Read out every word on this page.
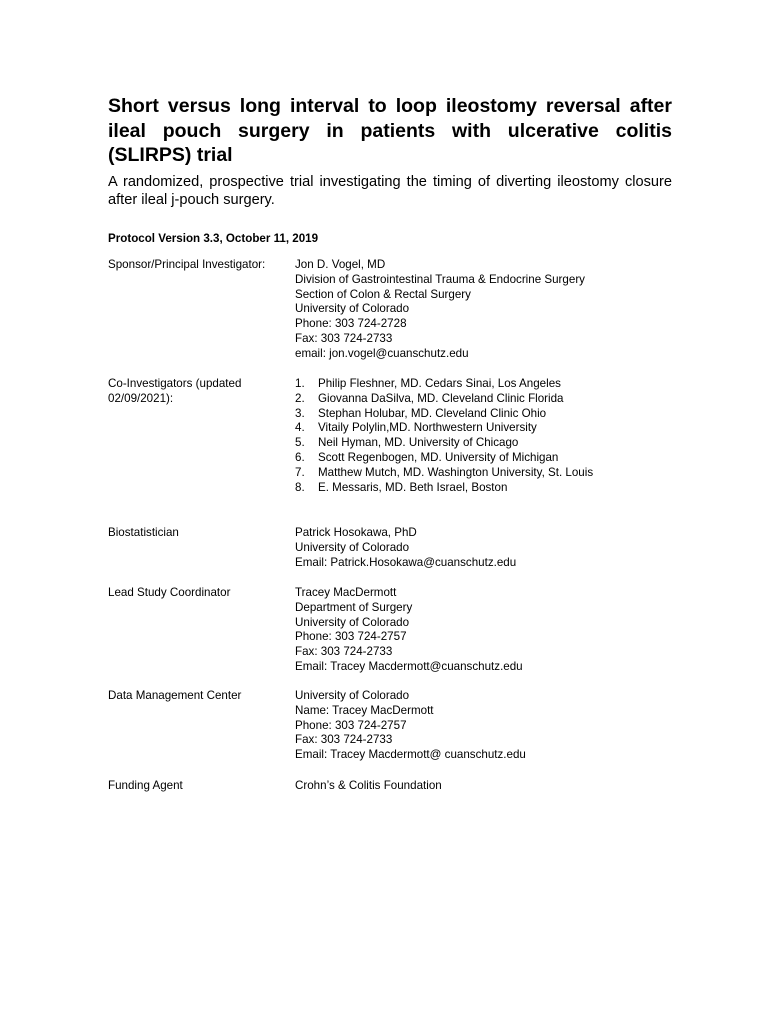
Short versus long interval to loop ileostomy reversal after ileal pouch surgery in patients with ulcerative colitis (SLIRPS) trial

A randomized, prospective trial investigating the timing of diverting ileostomy closure after ileal j-pouch surgery.

Protocol Version 3.3, October 11, 2019

Sponsor/Principal Investigator:	Jon D. Vogel, MD
Division of Gastrointestinal Trauma & Endocrine Surgery
Section of Colon & Rectal Surgery
University of Colorado
Phone: 303 724-2728
Fax: 303 724-2733
email: jon.vogel@cuanschutz.edu
Co-Investigators (updated 02/09/2021):
1. Philip Fleshner, MD. Cedars Sinai, Los Angeles
2. Giovanna DaSilva, MD. Cleveland Clinic Florida
3. Stephan Holubar, MD. Cleveland Clinic Ohio
4. Vitaily Polylin,MD. Northwestern University
5. Neil Hyman, MD. University of Chicago
6. Scott Regenbogen, MD. University of Michigan
7. Matthew Mutch, MD. Washington University, St. Louis
8. E. Messaris, MD. Beth Israel, Boston
Biostatistician	Patrick Hosokawa, PhD
University of Colorado
Email: Patrick.Hosokawa@cuanschutz.edu
Lead Study Coordinator	Tracey MacDermott
Department of Surgery
University of Colorado
Phone: 303 724-2757
Fax: 303 724-2733
Email: Tracey Macdermott@cuanschutz.edu
Data Management Center	University of Colorado
Name: Tracey MacDermott
Phone: 303 724-2757
Fax: 303 724-2733
Email: Tracey Macdermott@ cuanschutz.edu
Funding Agent	Crohn’s & Colitis Foundation
